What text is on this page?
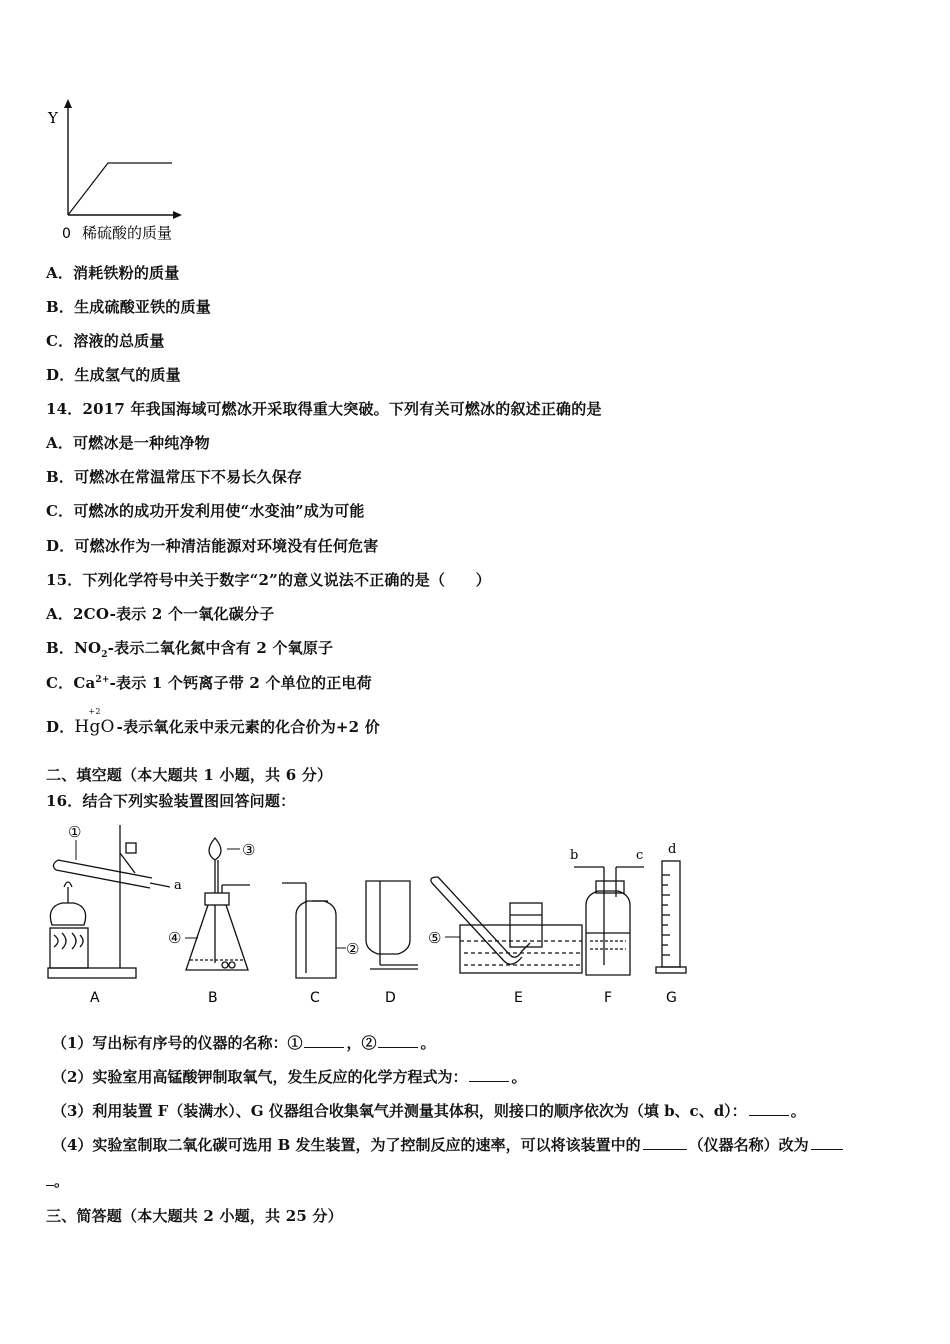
Y
0 稀硫酸的质量
A．消耗铁粉的质量
B．生成硫酸亚铁的质量
C．溶液的总质量
D．生成氢气的质量
14．2017 年我国海域可燃冰开采取得重大突破。下列有关可燃冰的叙述正确的是
A．可燃冰是一种纯净物
B．可燃冰在常温常压下不易长久保存
C．可燃冰的成功开发利用使“水变油”成为可能
D．可燃冰作为一种清洁能源对环境没有任何危害
15．下列化学符号中关于数字“2”的意义说法不正确的是（　　）
A．2CO-表示 2 个一氧化碳分子
B．$NO_2-$表示二氧化氮中含有 2 个氧原子
C．$Ca^{2+}-$表示 1 个钙离子带 2 个单位的正电荷
D．
+2
HgO -表示氧化汞中汞元素的化合价为+2 价
二、填空题（本大题共 1 小题，共 6 分）
16．结合下列实验装置图回答问题：
①
a
A
③
④
B
②
C	D
⑤
E
b	c
F
d
G
（1）写出标有序号的仪器的名称：①	，②	。
（2）实验室用高锰酸钾制取氧气，发生反应的化学方程式为：	。
（3）利用装置 F（装满水）、G 仪器组合收集氧气并测量其体积，则接口的顺序依次为（填 b、c、d）：	。
（4）实验室制取二氧化碳可选用 B 发生装置，为了控制反应的速率，可以将该装置中的	（仪器名称）改为
。
三、简答题（本大题共 2 小题，共 25 分）
